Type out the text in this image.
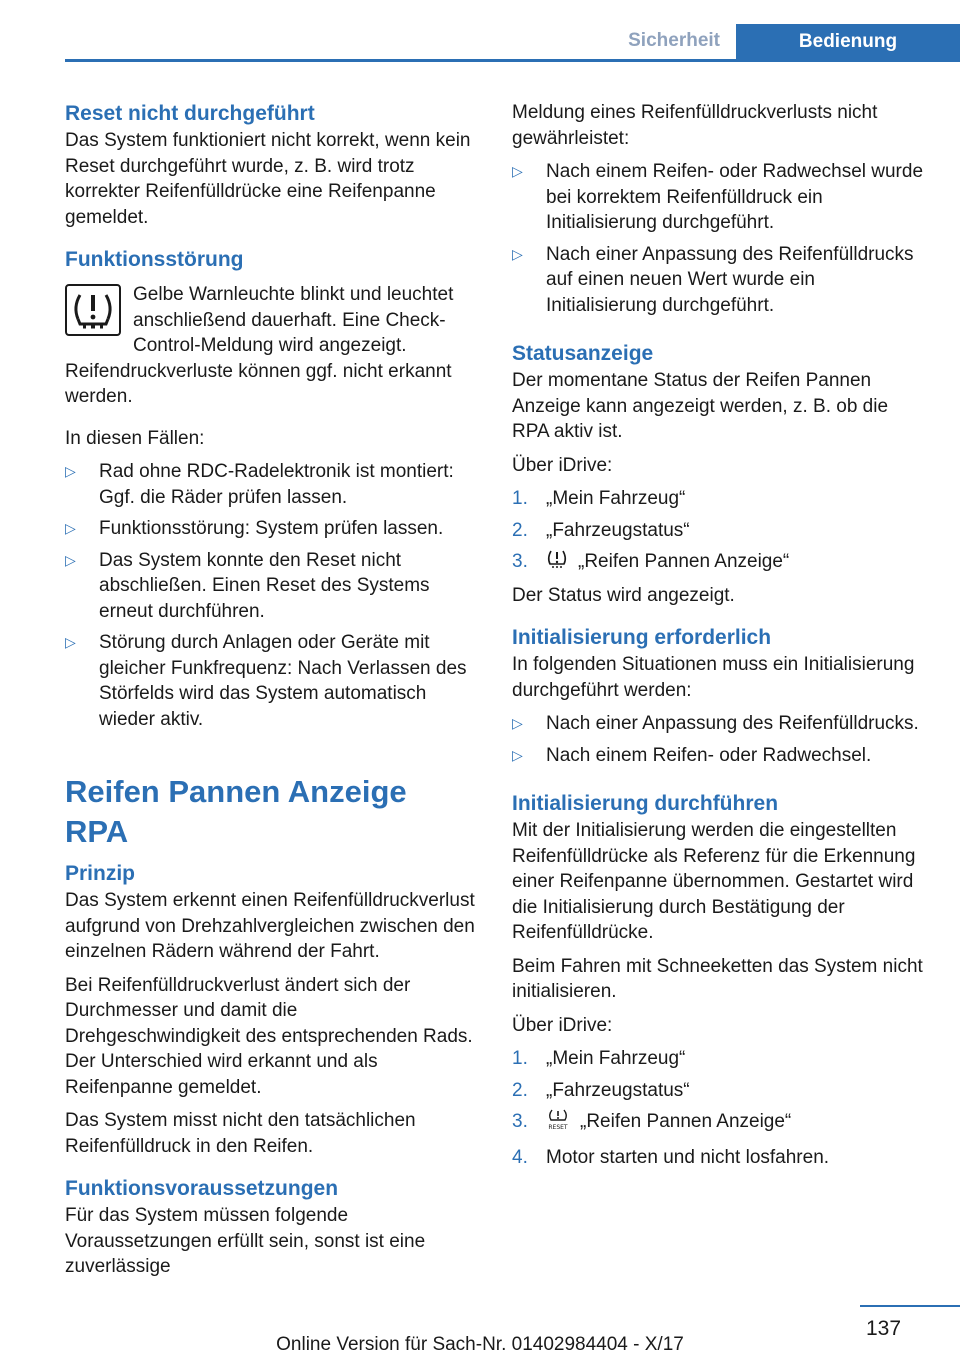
Sicherheit	Bedienung

Reset nicht durchgeführt

Das System funktioniert nicht korrekt, wenn kein Reset durchgeführt wurde, z. B. wird trotz korrekter Reifenfülldrücke eine Reifenpanne gemeldet.

Funktionsstörung

Gelbe Warnleuchte blinkt und leuchtet anschließend dauerhaft. Eine Check-Control-Meldung wird angezeigt. Reifendruckverluste können ggf. nicht erkannt werden.

In diesen Fällen:

▷	Rad ohne RDC-Radelektronik ist montiert: Ggf. die Räder prüfen lassen.
▷	Funktionsstörung: System prüfen lassen.
▷	Das System konnte den Reset nicht abschließen. Einen Reset des Systems erneut durchführen.
▷	Störung durch Anlagen oder Geräte mit gleicher Funkfrequenz: Nach Verlassen des Störfelds wird das System automatisch wieder aktiv.

Reifen Pannen Anzeige RPA

Prinzip

Das System erkennt einen Reifenfülldruckverlust aufgrund von Drehzahlvergleichen zwischen den einzelnen Rädern während der Fahrt.

Bei Reifenfülldruckverlust ändert sich der Durchmesser und damit die Drehgeschwindigkeit des entsprechenden Rads. Der Unterschied wird erkannt und als Reifenpanne gemeldet.

Das System misst nicht den tatsächlichen Reifenfülldruck in den Reifen.

Funktionsvoraussetzungen

Für das System müssen folgende Voraussetzungen erfüllt sein, sonst ist eine zuverlässige

Meldung eines Reifenfülldruckverlusts nicht gewährleistet:

▷	Nach einem Reifen- oder Radwechsel wurde bei korrektem Reifenfülldruck ein Initialisierung durchgeführt.
▷	Nach einer Anpassung des Reifenfülldrucks auf einen neuen Wert wurde ein Initialisierung durchgeführt.

Statusanzeige

Der momentane Status der Reifen Pannen Anzeige kann angezeigt werden, z. B. ob die RPA aktiv ist.

Über iDrive:

1. „Mein Fahrzeug“
2. „Fahrzeugstatus“
3.	„Reifen Pannen Anzeige“

Der Status wird angezeigt.

Initialisierung erforderlich

In folgenden Situationen muss ein Initialisierung durchgeführt werden:

▷	Nach einer Anpassung des Reifenfülldrucks.
▷	Nach einem Reifen- oder Radwechsel.

Initialisierung durchführen

Mit der Initialisierung werden die eingestellten Reifenfülldrücke als Referenz für die Erkennung einer Reifenpanne übernommen. Gestartet wird die Initialisierung durch Bestätigung der Reifenfülldrücke.

Beim Fahren mit Schneeketten das System nicht initialisieren.

Über iDrive:

1. „Mein Fahrzeug“
2. „Fahrzeugstatus“
3.	RESET „Reifen Pannen Anzeige“
4. Motor starten und nicht losfahren.
137
Online Version für Sach-Nr. 01402984404 - X/17
